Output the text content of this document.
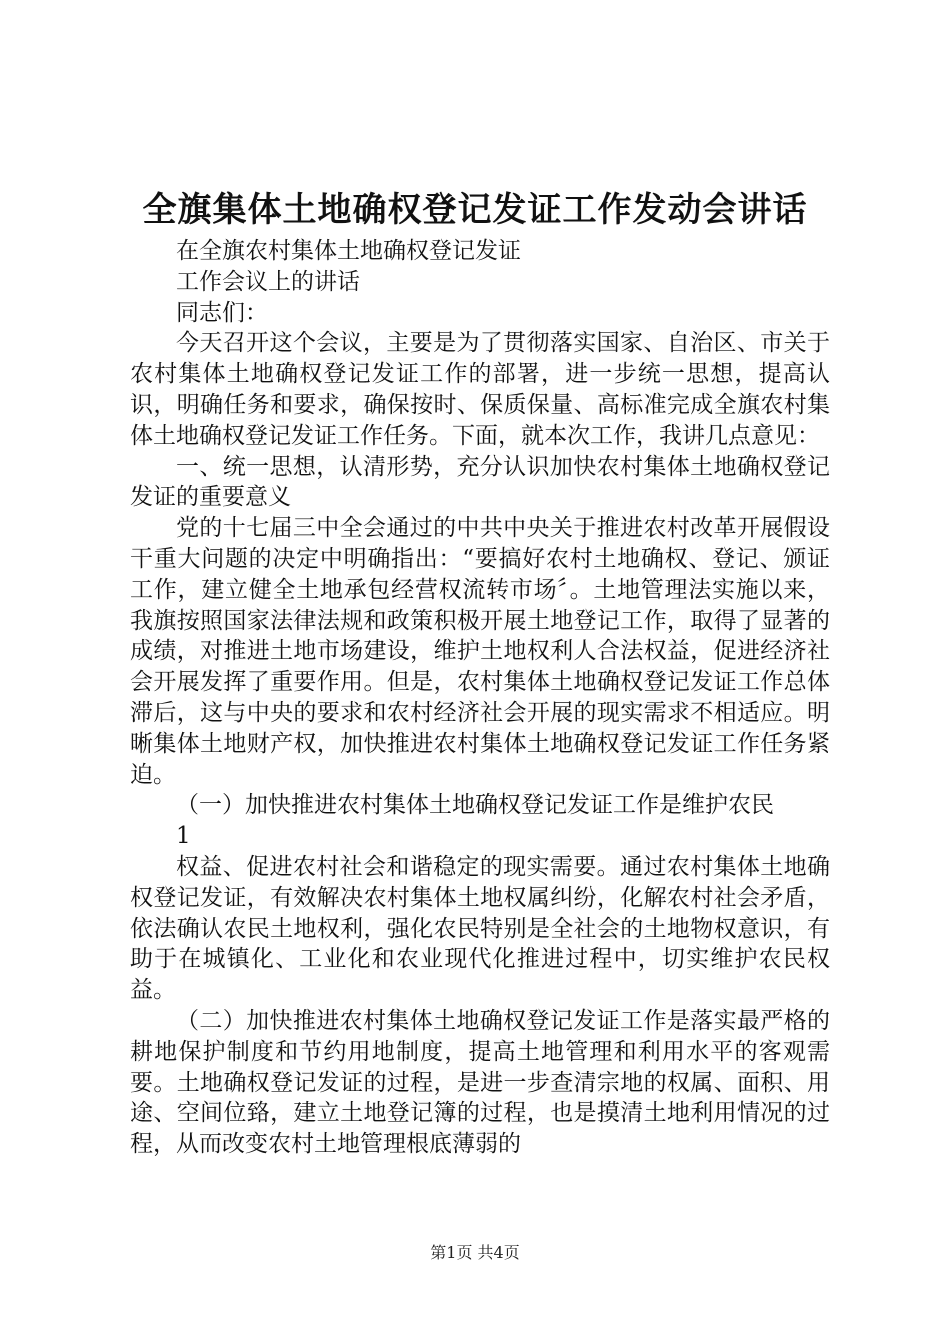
全旗集体土地确权登记发证工作发动会讲话

在全旗农村集体土地确权登记发证

工作会议上的讲话

同志们：

今天召开这个会议，主要是为了贯彻落实国家、自治区、市关于农村集体土地确权登记发证工作的部署，进一步统一思想，提高认识，明确任务和要求，确保按时、保质保量、高标准完成全旗农村集体土地确权登记发证工作任务。下面，就本次工作，我讲几点意见：

一、统一思想，认清形势，充分认识加快农村集体土地确权登记发证的重要意义

党的十七届三中全会通过的中共中央关于推进农村改革开展假设干重大问题的决定中明确指出：“要搞好农村土地确权、登记、颁证工作，建立健全土地承包经营权流转市场〞。土地管理法实施以来，我旗按照国家法律法规和政策积极开展土地登记工作，取得了显著的成绩，对推进土地市场建设，维护土地权利人合法权益，促进经济社会开展发挥了重要作用。但是，农村集体土地确权登记发证工作总体滞后，这与中央的要求和农村经济社会开展的现实需求不相适应。明晰集体土地财产权，加快推进农村集体土地确权登记发证工作任务紧迫。

（一）加快推进农村集体土地确权登记发证工作是维护农民

1

权益、促进农村社会和谐稳定的现实需要。通过农村集体土地确权登记发证，有效解决农村集体土地权属纠纷，化解农村社会矛盾，依法确认农民土地权利，强化农民特别是全社会的土地物权意识，有助于在城镇化、工业化和农业现代化推进过程中，切实维护农民权益。

（二）加快推进农村集体土地确权登记发证工作是落实最严格的耕地保护制度和节约用地制度，提高土地管理和利用水平的客观需要。土地确权登记发证的过程，是进一步查清宗地的权属、面积、用途、空间位臵，建立土地登记簿的过程，也是摸清土地利用情况的过程，从而改变农村土地管理根底薄弱的

第1页 共4页
